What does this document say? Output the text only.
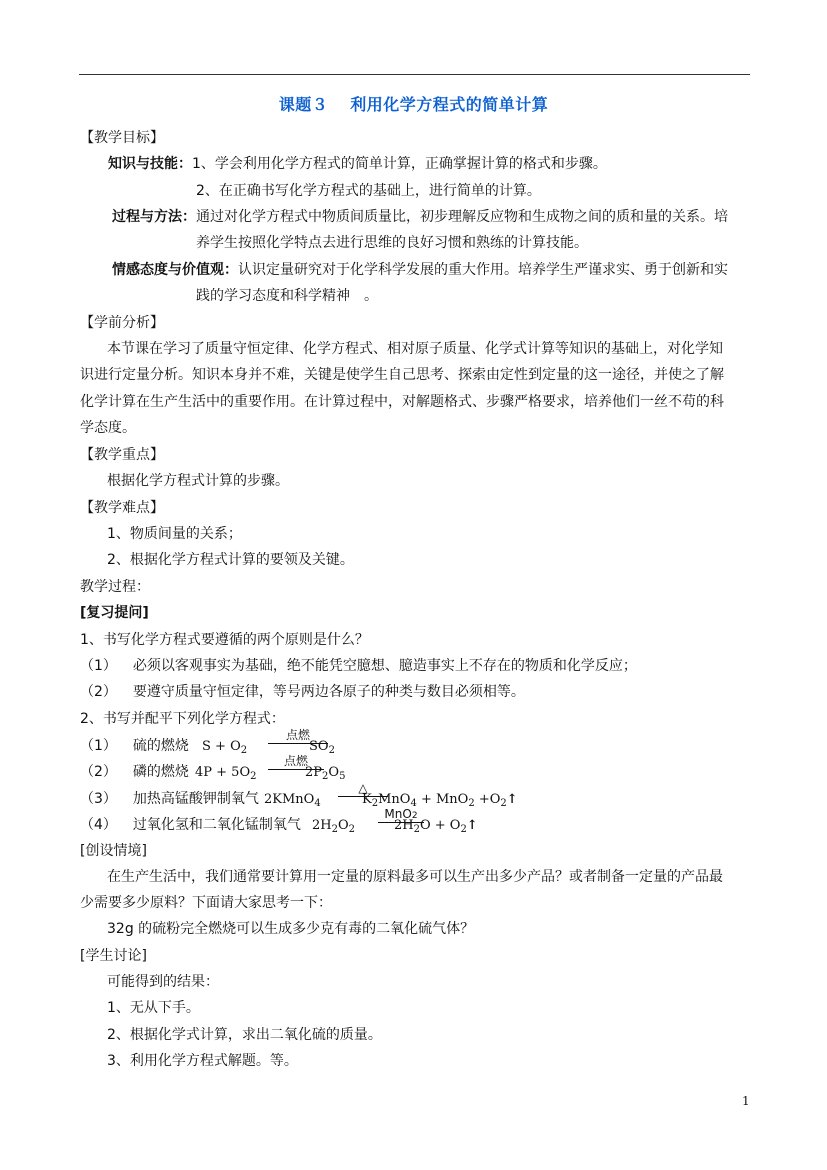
课题３ 利用化学方程式的简单计算
【教学目标】
知识与技能：1、学会利用化学方程式的简单计算，正确掌握计算的格式和步骤。
2、在正确书写化学方程式的基础上，进行简单的计算。
过程与方法：通过对化学方程式中物质间质量比，初步理解反应物和生成物之间的质和量的关系。培
养学生按照化学特点去进行思维的良好习惯和熟练的计算技能。
情感态度与价值观：认识定量研究对于化学科学发展的重大作用。培养学生严谨求实、勇于创新和实
践的学习态度和科学精神　。
【学前分析】
本节课在学习了质量守恒定律、化学方程式、相对原子质量、化学式计算等知识的基础上，对化学知
识进行定量分析。知识本身并不难，关键是使学生自己思考、探索由定性到定量的这一途径，并使之了解
化学计算在生产生活中的重要作用。在计算过程中，对解题格式、步骤严格要求，培养他们一丝不苟的科
学态度。
【教学重点】
根据化学方程式计算的步骤。
【教学难点】
1、物质间量的关系；
2、根据化学方程式计算的要领及关键。
教学过程：
[复习提问]
1、书写化学方程式要遵循的两个原则是什么？
（1） 必须以客观事实为基础，绝不能凭空臆想、臆造事实上不存在的物质和化学反应；
（2） 要遵守质量守恒定律，等号两边各原子的种类与数目必须相等。
2、书写并配平下列化学方程式：
（1） 硫的燃烧 $S + O_2$
点燃
$SO_2$
（2） 磷的燃烧 $4P + 5O_2$
点燃
$2P_2O_5$
（3） 加热高锰酸钾制氧气 2KMnO$_4$
△
$K_2MnO_4 + MnO_2$ $+O_2↑$
（4） 过氧化氢和二氧化锰制氧气 $2H_2O_2$
MnO2
$2H_2O$ + $O_2↑$
[创设情境]
在生产生活中，我们通常要计算用一定量的原料最多可以生产出多少产品？或者制备一定量的产品最
少需要多少原料？下面请大家思考一下：
32g 的硫粉完全燃烧可以生成多少克有毒的二氧化硫气体？
[学生讨论]
可能得到的结果：
1、无从下手。
2、根据化学式计算，求出二氧化硫的质量。
3、利用化学方程式解题。等。
1
